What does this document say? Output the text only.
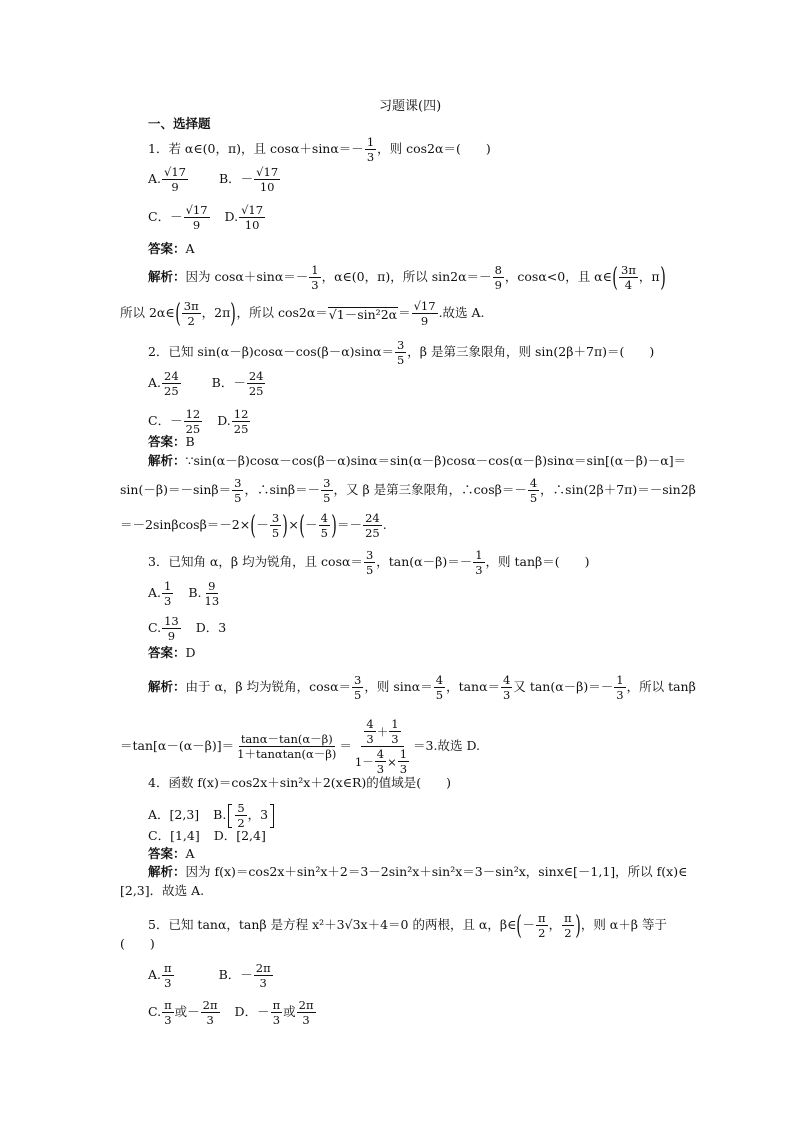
习题课(四)
一、选择题
1．若 α∈(0，π)，且 $\cos\alpha+\sin\alpha=- \frac{1}{3}$ ，则 cos2α＝(　　)
A. $\frac{√17}{9}$ B．－ $\frac{√17}{10}$
C．－ $\frac{√17}{9} D$. $\frac{√17}{10}$
答案： A
解析： 因为 $\cos\alpha+\sin\alpha=- \frac{1}{3}$ ，α∈(0，π)，所以 $\sin 2\alpha=- \frac{8}{9}$ ，cosα<0，且 α∈ ( $\frac{3\pi}{4}$ ，π )
所以 2α∈ ( $\frac{3\pi}{2}$ ，2π ) ，所以 $\cos 2\alpha= √1-\sin^22\alpha = \frac{√17}{9}$ .故选 A.
2．已知 $\sin(\alpha-\beta)\cos\alpha-\cos(\beta-\alpha)\sin\alpha= \frac{3}{5}$ ，β 是第三象限角，则 sin(2β＋7π)＝(　　)
A. $\frac{24}{25}$ B．－ $\frac{24}{25}$
C．－ $\frac{12}{25} D$. $\frac{12}{25}$
答案： B
解析： ∵sin(α－β)cosα－cos(β－α)sinα＝sin(α－β)cosα－cos(α－β)sinα＝sin[(α－β)－α]＝
$\sin(-\beta)=-\sin\beta= \frac{3}{5}$ ，∴sinβ＝－ $\frac{3}{5}$ ，又 β 是第三象限角，∴cosβ＝－ $\frac{4}{5}$ ，∴sin(2β＋7π)＝－sin2β
＝－2sinβcosβ＝－2× ( － $\frac{3}{5}$ ) × ( － $\frac{4}{5}$ ) ＝－ $\frac{24}{25}$ .
3．已知角 α，β 均为锐角，且 $\cos\alpha= \frac{3}{5}$ ，$\tan(\alpha-\beta)=- \frac{1}{3}$ ，则 tanβ＝(　　)
A. $\frac{1}{3} B$. $\frac{9}{13}$
C. $\frac{13}{9}$ D．3
答案： D
解析： 由于 α，β 均为锐角，$\cos\alpha= \frac{3}{5}$ ，则 $\sin\alpha= \frac{4}{5}$ ，$\tan\alpha= \frac{4}{3}$ 又 $\tan(\alpha-\beta)=- \frac{1}{3}$ ，所以 tanβ
$=\tan[\alpha-(\alpha-\beta)]= \frac{\tan\alpha-\tan(\alpha-\beta)}{1+\tan\alpha\tan(\alpha-\beta)} = \frac{\frac{4}{3} + \frac{1}{3}}{1- \frac{4}{3} \times \frac{1}{3}} =3$.故选 D.
4．函数 f(x)＝cos2x＋sin²x＋2(x∈R)的值域是(　　)
A．[2,3] B. $\frac{5}{2}$ ，3
C．[1,4] D．[2,4]
答案： A
解析： 因为 f(x)＝cos2x＋sin²x＋2＝3－2sin²x＋sin²x＝3－sin²x，sinx∈[－1,1]，所以 f(x)∈
[2,3]．故选 A.
5．已知 tanα，tanβ 是方程 x²＋3 √3 x＋4＝0 的两根，且 α，β∈ ( － $\frac{\pi}{2}$ ， $\frac{\pi}{2}$ ) ，则 α＋β 等于
(　　)
A. $\frac{\pi}{3}$	B．－ $\frac{2\pi}{3}$
C. $\frac{\pi}{3}$ 或－ $\frac{2\pi}{3}$ D．－ $\frac{\pi}{3}$ 或 $\frac{2\pi}{3}$
